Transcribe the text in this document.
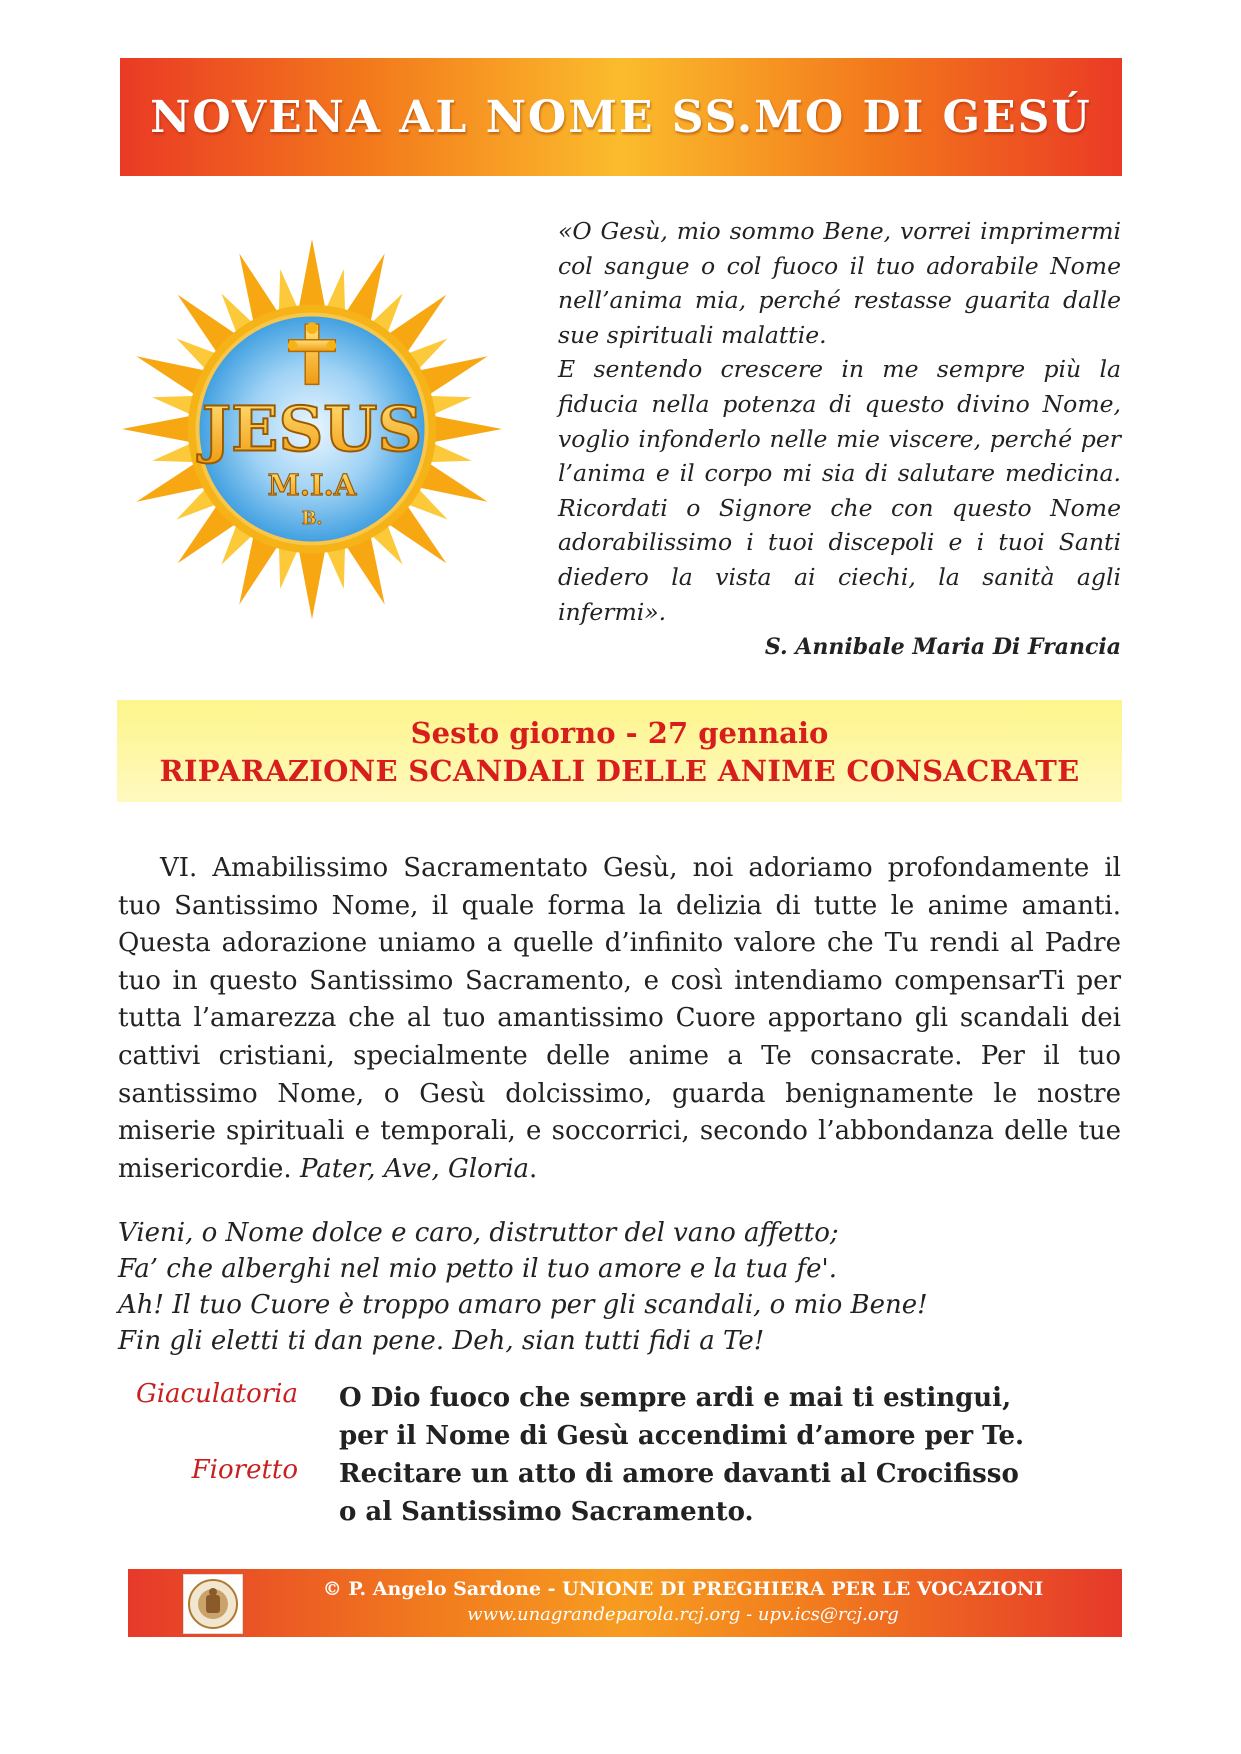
NOVENA AL NOME SS.MO DI GESÚ
JESUS
M.I.A
B.

«O Gesù, mio sommo Bene, vorrei imprimermi col sangue o col fuoco il tuo adorabile Nome nell’anima mia, perché restasse guarita dalle sue spirituali malattie.

E sentendo crescere in me sempre più la fiducia nella potenza di questo divino Nome, voglio infonderlo nelle mie viscere, perché per l’anima e il corpo mi sia di salutare medicina. Ricordati o Signore che con questo Nome adorabilissimo i tuoi discepoli e i tuoi Santi diedero la vista ai ciechi, la sanità agli infermi».

S. Annibale Maria Di Francia
Sesto giorno - 27 gennaio
RIPARAZIONE SCANDALI DELLE ANIME CONSACRATE
VI. Amabilissimo Sacramentato Gesù, noi adoriamo profondamente il tuo Santissimo Nome, il quale forma la delizia di tutte le anime amanti. Questa adorazione uniamo a quelle d’infinito valore che Tu rendi al Padre tuo in questo Santissimo Sacramento, e così intendiamo compensarTi per tutta l’amarezza che al tuo amantissimo Cuore apportano gli scandali dei cattivi cristiani, specialmente delle anime a Te consacrate. Per il tuo santissimo Nome, o Gesù dolcissimo, guarda benignamente le nostre miserie spirituali e temporali, e soccorrici, secondo l’abbondanza delle tue misericordie. Pater, Ave, Gloria.
Vieni, o Nome dolce e caro, distruttor del vano affetto;
Fa’ che alberghi nel mio petto il tuo amore e la tua fe'.
Ah! Il tuo Cuore è troppo amaro per gli scandali, o mio Bene!
Fin gli eletti ti dan pene. Deh, sian tutti fidi a Te!
Giaculatoria O Dio fuoco che sempre ardi e mai ti estingui,
per il Nome di Gesù accendimi d’amore per Te.
Fioretto Recitare un atto di amore davanti al Crocifisso
o al Santissimo Sacramento.
© P. Angelo Sardone - UNIONE DI PREGHIERA PER LE VOCAZIONI
www.unagrandeparola.rcj.org - upv.ics@rcj.org
